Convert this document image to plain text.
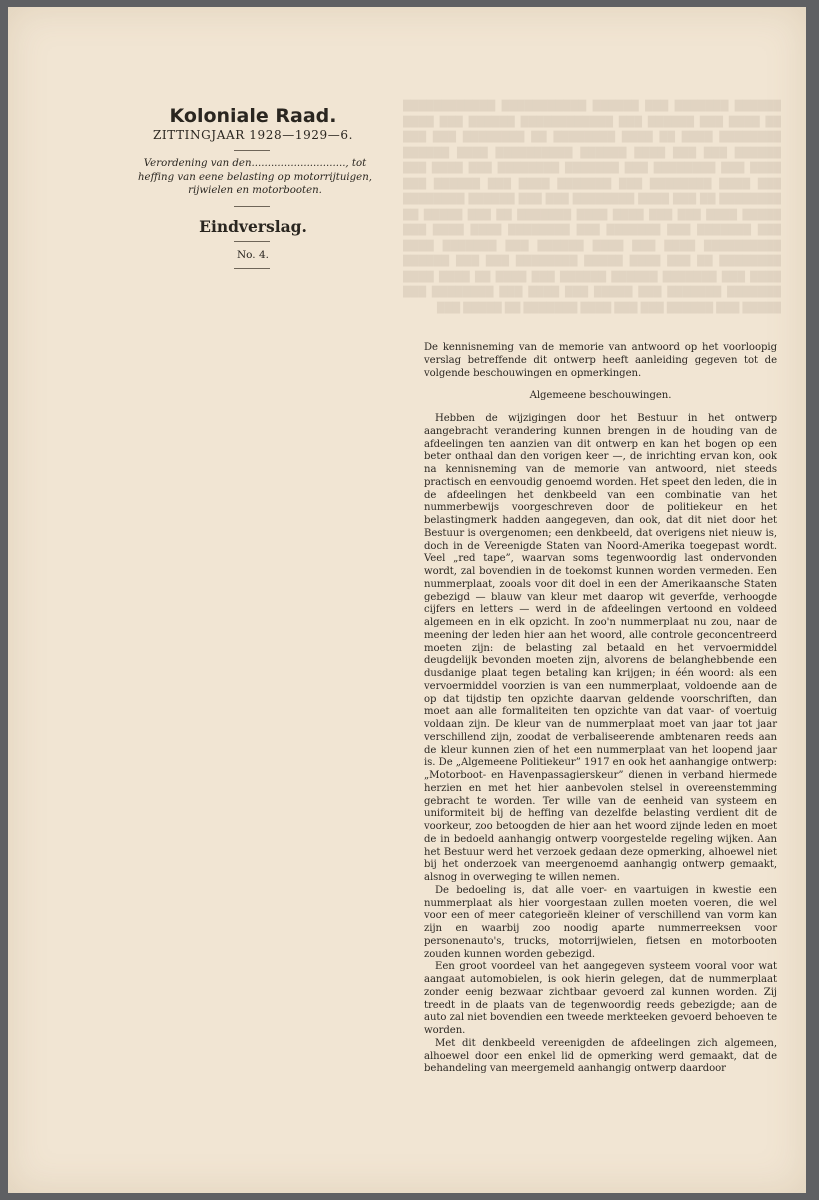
██████ ███████ ███ ██████ ███████████ ████████████ ██ ████ ███ ██████ ███ ████████████ ██████ ███ ████ ████████ ████ ██ ████ ████████ ██ ████████ ███ ███ ██████ ███ ███ ████ ██████ ██████████ ████ ██████ ████ ███ ████████ ███ ███████ ████████ ███ ████ ███ ███ ████ ████████ ███ ███████ ████ ███ ██████ ███ ████████ ██ ███ ████ ████████ ███ ███ ██████ ████████ █████ ████ ███ ███ ████ ████ ███████ ██ ███ █████ ██ ███ ███████ ███ ███████ ███ ████████ ████ ████ ███ ██████████ ████ ███ ████ ██████ ███ ███████ ████ ████████ ██ ███ ████ █████ ████████ ███ ███ ██████ ████ ███ ███████ ██████ ██████ ███ ████ ██ ████ ████ ███████ ███████ ███ █████ ███ ████ ███ ████████ ███ █████ ███ ██████ ███ ███ ████ ███████ ██ █████ ███
Koloniale Raad.
ZITTINGJAAR 1928—1929—6.
Verordening van den............................., tot heffing van eene belasting op motorrijtuigen, rijwielen en motorbooten.
Eindverslag.
No. 4.

De kennisneming van de memorie van antwoord op het voorloopig verslag betreffende dit ontwerp heeft aanleiding gegeven tot de volgende beschouwingen en opmerkingen.

Algemeene beschouwingen.

Hebben de wijzigingen door het Bestuur in het ontwerp aangebracht verandering kunnen brengen in de houding van de afdeelingen ten aanzien van dit ontwerp en kan het bogen op een beter onthaal dan den vorigen keer —, de inrichting ervan kon, ook na kennisneming van de memorie van antwoord, niet steeds practisch en eenvoudig genoemd worden. Het speet den leden, die in de afdeelingen het denkbeeld van een combinatie van het nummerbewijs voorgeschreven door de politiekeur en het belastingmerk hadden aangegeven, dan ook, dat dit niet door het Bestuur is overgenomen; een denkbeeld, dat overigens niet nieuw is, doch in de Vereenigde Staten van Noord-Amerika toegepast wordt. Veel „red tape”, waarvan soms tegenwoordig last ondervonden wordt, zal bovendien in de toekomst kunnen worden vermeden. Een nummerplaat, zooals voor dit doel in een der Amerikaansche Staten gebezigd — blauw van kleur met daarop wit geverfde, verhoogde cijfers en letters — werd in de afdeelingen vertoond en voldeed algemeen en in elk opzicht. In zoo'n nummerplaat nu zou, naar de meening der leden hier aan het woord, alle controle geconcentreerd moeten zijn: de belasting zal betaald en het vervoermiddel deugdelijk bevonden moeten zijn, alvorens de belanghebbende een dusdanige plaat tegen betaling kan krijgen; in één woord: als een vervoermiddel voorzien is van een nummerplaat, voldoende aan de op dat tijdstip ten opzichte daarvan geldende voorschriften, dan moet aan alle formaliteiten ten opzichte van dat vaar- of voertuig voldaan zijn. De kleur van de nummerplaat moet van jaar tot jaar verschillend zijn, zoodat de verbaliseerende ambtenaren reeds aan de kleur kunnen zien of het een nummerplaat van het loopend jaar is. De „Algemeene Politiekeur” 1917 en ook het aanhangige ontwerp: „Motorboot- en Havenpassagierskeur” dienen in verband hiermede herzien en met het hier aanbevolen stelsel in overeenstemming gebracht te worden. Ter wille van de eenheid van systeem en uniformiteit bij de heffing van dezelfde belasting verdient dit de voorkeur, zoo betoogden de hier aan het woord zijnde leden en moet de in bedoeld aanhangig ontwerp voorgestelde regeling wijken. Aan het Bestuur werd het verzoek gedaan deze opmerking, alhoewel niet bij het onderzoek van meergenoemd aanhangig ontwerp gemaakt, alsnog in overweging te willen nemen.

De bedoeling is, dat alle voer- en vaartuigen in kwestie een nummerplaat als hier voorgestaan zullen moeten voeren, die wel voor een of meer categorieën kleiner of verschillend van vorm kan zijn en waarbij zoo noodig aparte nummerreeksen voor personenauto's, trucks, motorrijwielen, fietsen en motorbooten zouden kunnen worden gebezigd.

Een groot voordeel van het aangegeven systeem vooral voor wat aangaat automobielen, is ook hierin gelegen, dat de nummerplaat zonder eenig bezwaar zichtbaar gevoerd zal kunnen worden. Zij treedt in de plaats van de tegenwoordig reeds gebezigde; aan de auto zal niet bovendien een tweede merkteeken gevoerd behoeven te worden.

Met dit denkbeeld vereenigden de afdeelingen zich algemeen, alhoewel door een enkel lid de opmerking werd gemaakt, dat de behandeling van meergemeld aanhangig ontwerp daardoor
